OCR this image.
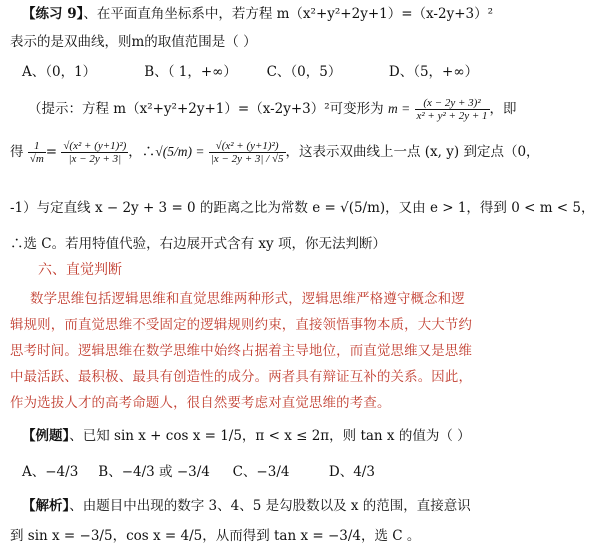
【练习 9】、在平面直角坐标系中，若方程 m（x²+y²+2y+1）=（x-2y+3）²
表示的是双曲线，则m的取值范围是（ ）
A、（0，1）	B、（ 1，+∞） C、（0，5）	D、（5，+∞）
（提示：方程 m（x²+y²+2y+1）=（x-2y+3）²可变形为 $m = \frac{\text{(x − 2y + 3)²}}{\text{x² + y² + 2y + 1}}$ ，即
得 $\frac{1}{√m} = \frac{\text{√(x² + (y+1)²)}}{|x - 2y + 3|}$ ，∴√(5/m) = $\frac{\text{√(x² + (y+1)²)}}{|x - 2y + 3| / √5}$ ，这表示双曲线上一点 (x, y) 到定点（0，
-1）与定直线 x − 2y + 3 = 0 的距离之比为常数 e = √(5/m)，又由 e > 1，得到 0 < m < 5，
∴选 C。若用特值代验，右边展开式含有 xy 项，你无法判断）
六、直觉判断
数学思维包括逻辑思维和直觉思维两种形式，逻辑思维严格遵守概念和逻
辑规则，而直觉思维不受固定的逻辑规则约束，直接领悟事物本质，大大节约
思考时间。逻辑思维在数学思维中始终占据着主导地位，而直觉思维又是思维
中最活跃、最积极、最具有创造性的成分。两者具有辩证互补的关系。因此，
作为选拔人才的高考命题人，很自然要考虑对直觉思维的考查。
【例题】、已知 sin x + cos x = 1/5，π < x ≤ 2π，则 tan x 的值为（ ）
A、−4/3 B、−4/3 或 −3/4 C、−3/4	D、4/3
【解析】、由题目中出现的数字 3、4、5 是勾股数以及 x 的范围，直接意识
到 sin x = −3/5，cos x = 4/5，从而得到 tan x = −3/4，选 C 。
